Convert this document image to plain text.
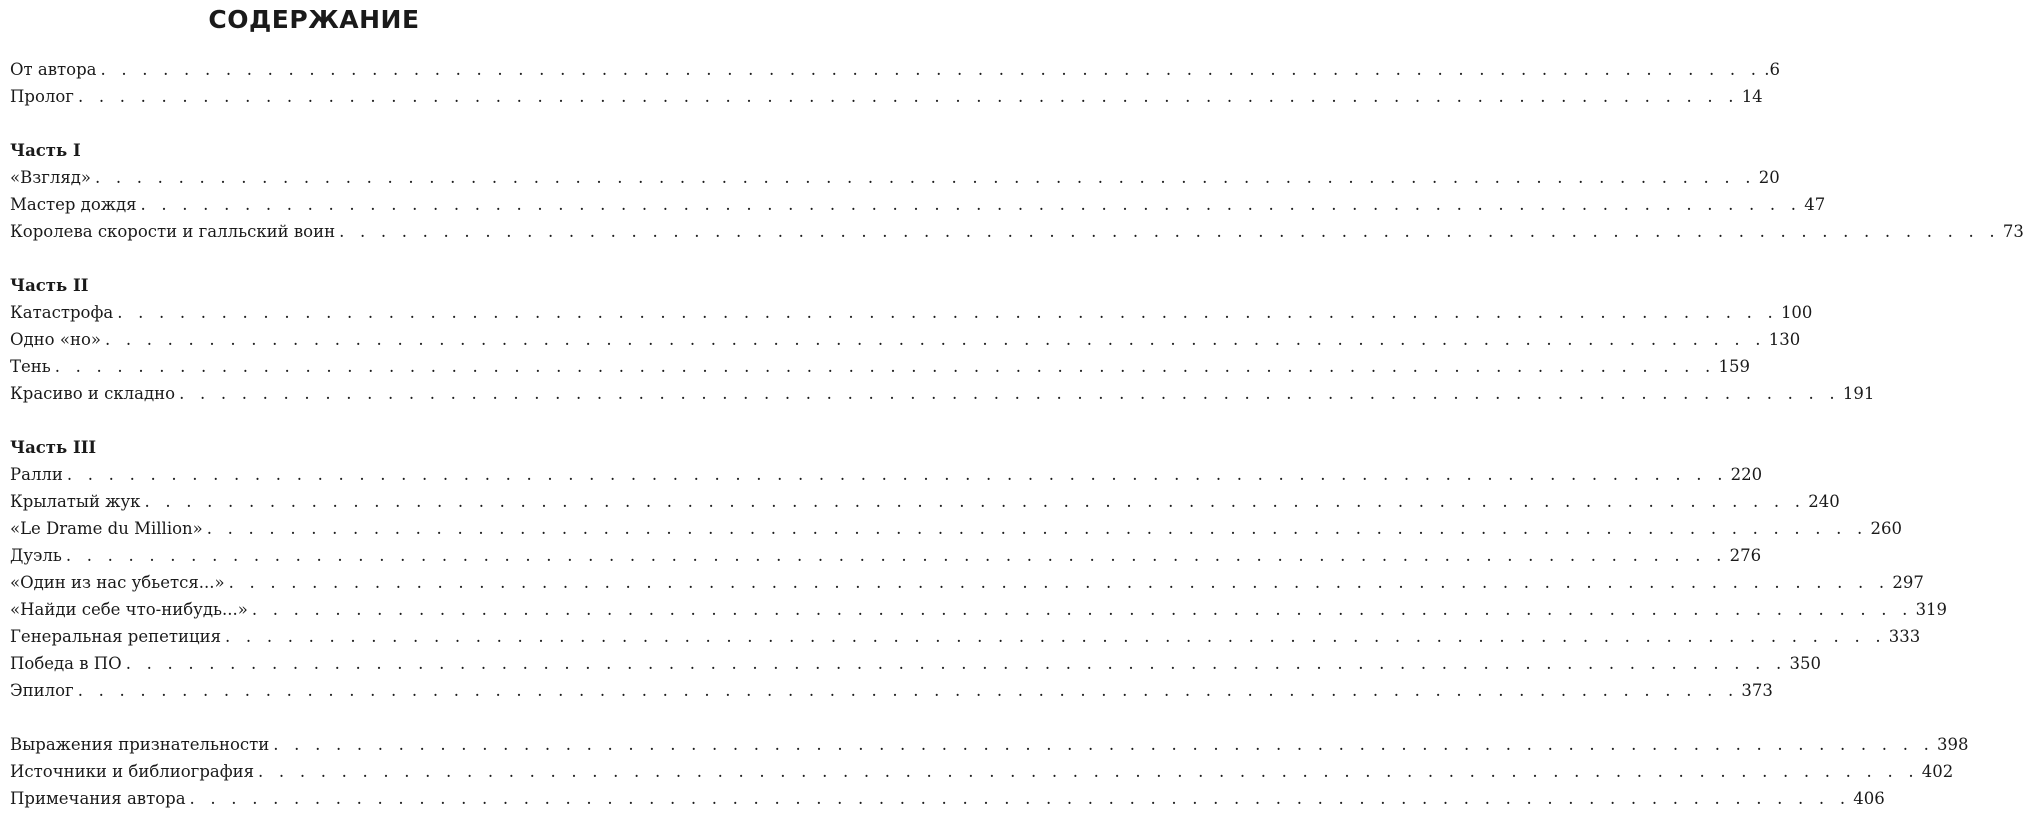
СОДЕРЖАНИЕ
От автора . . . . . . . . . . . . . . . . . . . . . . . . . . . . . . . . . . . . . . . . . . . . . . . . . . . . . . . . . . . . . . . . . . . . . . . . . . . . . . . . .6
Пролог . . . . . . . . . . . . . . . . . . . . . . . . . . . . . . . . . . . . . . . . . . . . . . . . . . . . . . . . . . . . . . . . . . . . . . . . . . . . . . . . 14
Часть I
«Взгляд» . . . . . . . . . . . . . . . . . . . . . . . . . . . . . . . . . . . . . . . . . . . . . . . . . . . . . . . . . . . . . . . . . . . . . . . . . . . . . . . . 20
Мастер дождя . . . . . . . . . . . . . . . . . . . . . . . . . . . . . . . . . . . . . . . . . . . . . . . . . . . . . . . . . . . . . . . . . . . . . . . . . . . . . . . . 47
Королева скорости и галльский воин . . . . . . . . . . . . . . . . . . . . . . . . . . . . . . . . . . . . . . . . . . . . . . . . . . . . . . . . . . . . . . . . . . . . . . . . . . . . . . . . 73
Часть II
Катастрофа . . . . . . . . . . . . . . . . . . . . . . . . . . . . . . . . . . . . . . . . . . . . . . . . . . . . . . . . . . . . . . . . . . . . . . . . . . . . . . . . 100
Одно «но» . . . . . . . . . . . . . . . . . . . . . . . . . . . . . . . . . . . . . . . . . . . . . . . . . . . . . . . . . . . . . . . . . . . . . . . . . . . . . . . . 130
Тень . . . . . . . . . . . . . . . . . . . . . . . . . . . . . . . . . . . . . . . . . . . . . . . . . . . . . . . . . . . . . . . . . . . . . . . . . . . . . . . . 159
Красиво и складно . . . . . . . . . . . . . . . . . . . . . . . . . . . . . . . . . . . . . . . . . . . . . . . . . . . . . . . . . . . . . . . . . . . . . . . . . . . . . . . . 191
Часть III
Ралли . . . . . . . . . . . . . . . . . . . . . . . . . . . . . . . . . . . . . . . . . . . . . . . . . . . . . . . . . . . . . . . . . . . . . . . . . . . . . . . . 220
Крылатый жук . . . . . . . . . . . . . . . . . . . . . . . . . . . . . . . . . . . . . . . . . . . . . . . . . . . . . . . . . . . . . . . . . . . . . . . . . . . . . . . . 240
«Le Drame du Million» . . . . . . . . . . . . . . . . . . . . . . . . . . . . . . . . . . . . . . . . . . . . . . . . . . . . . . . . . . . . . . . . . . . . . . . . . . . . . . . . 260
Дуэль . . . . . . . . . . . . . . . . . . . . . . . . . . . . . . . . . . . . . . . . . . . . . . . . . . . . . . . . . . . . . . . . . . . . . . . . . . . . . . . . 276
«Один из нас убьется...» . . . . . . . . . . . . . . . . . . . . . . . . . . . . . . . . . . . . . . . . . . . . . . . . . . . . . . . . . . . . . . . . . . . . . . . . . . . . . . . . 297
«Найди себе что-нибудь...» . . . . . . . . . . . . . . . . . . . . . . . . . . . . . . . . . . . . . . . . . . . . . . . . . . . . . . . . . . . . . . . . . . . . . . . . . . . . . . . . 319
Генеральная репетиция . . . . . . . . . . . . . . . . . . . . . . . . . . . . . . . . . . . . . . . . . . . . . . . . . . . . . . . . . . . . . . . . . . . . . . . . . . . . . . . . 333
Победа в ПО . . . . . . . . . . . . . . . . . . . . . . . . . . . . . . . . . . . . . . . . . . . . . . . . . . . . . . . . . . . . . . . . . . . . . . . . . . . . . . . . 350
Эпилог . . . . . . . . . . . . . . . . . . . . . . . . . . . . . . . . . . . . . . . . . . . . . . . . . . . . . . . . . . . . . . . . . . . . . . . . . . . . . . . . 373
Выражения признательности . . . . . . . . . . . . . . . . . . . . . . . . . . . . . . . . . . . . . . . . . . . . . . . . . . . . . . . . . . . . . . . . . . . . . . . . . . . . . . . . 398
Источники и библиография . . . . . . . . . . . . . . . . . . . . . . . . . . . . . . . . . . . . . . . . . . . . . . . . . . . . . . . . . . . . . . . . . . . . . . . . . . . . . . . . 402
Примечания автора . . . . . . . . . . . . . . . . . . . . . . . . . . . . . . . . . . . . . . . . . . . . . . . . . . . . . . . . . . . . . . . . . . . . . . . . . . . . . . . . 406
